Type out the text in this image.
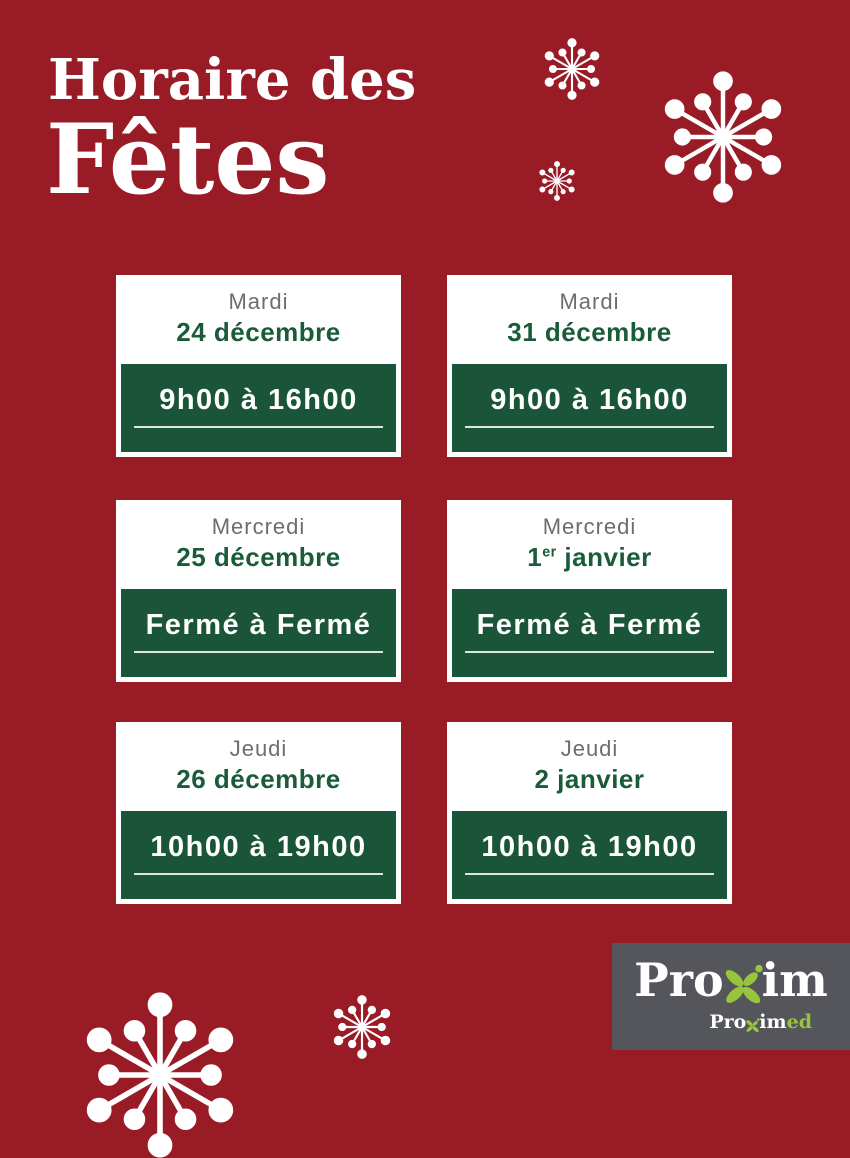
Horaire des
Fêtes
Mardi
24 décembre
9h00 à 16h00
Mardi
31 décembre
9h00 à 16h00
Mercredi
25 décembre
Fermé à Fermé
Mercredi
1er janvier
Fermé à Fermé
Jeudi
26 décembre
10h00 à 19h00
Jeudi
2 janvier
10h00 à 19h00
Pro im
Pro im ed
